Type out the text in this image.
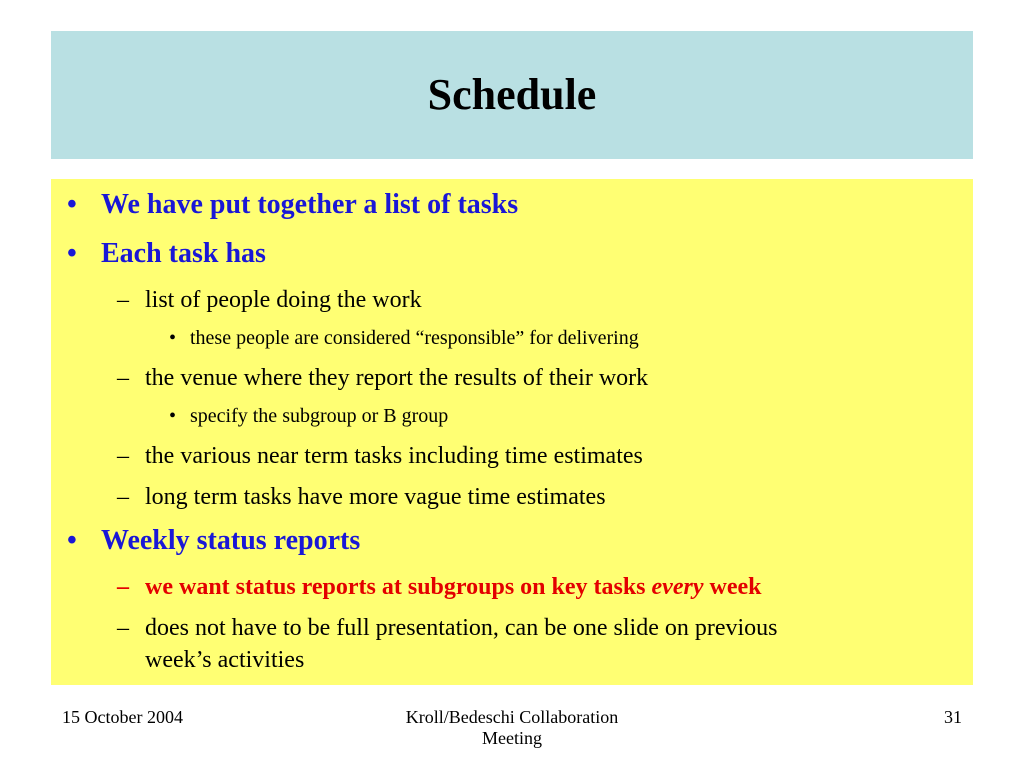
Schedule
• We have put together a list of tasks
• Each task has
– list of people doing the work
• these people are considered “responsible” for delivering
– the venue where they report the results of their work
• specify the subgroup or B group
– the various near term tasks including time estimates
– long term tasks have more vague time estimates
• Weekly status reports
– we want status reports at subgroups on key tasks every week
– does not have to be full presentation, can be one slide on previous
week’s activities
15 October 2004	Kroll/Bedeschi Collaboration
Meeting
31
